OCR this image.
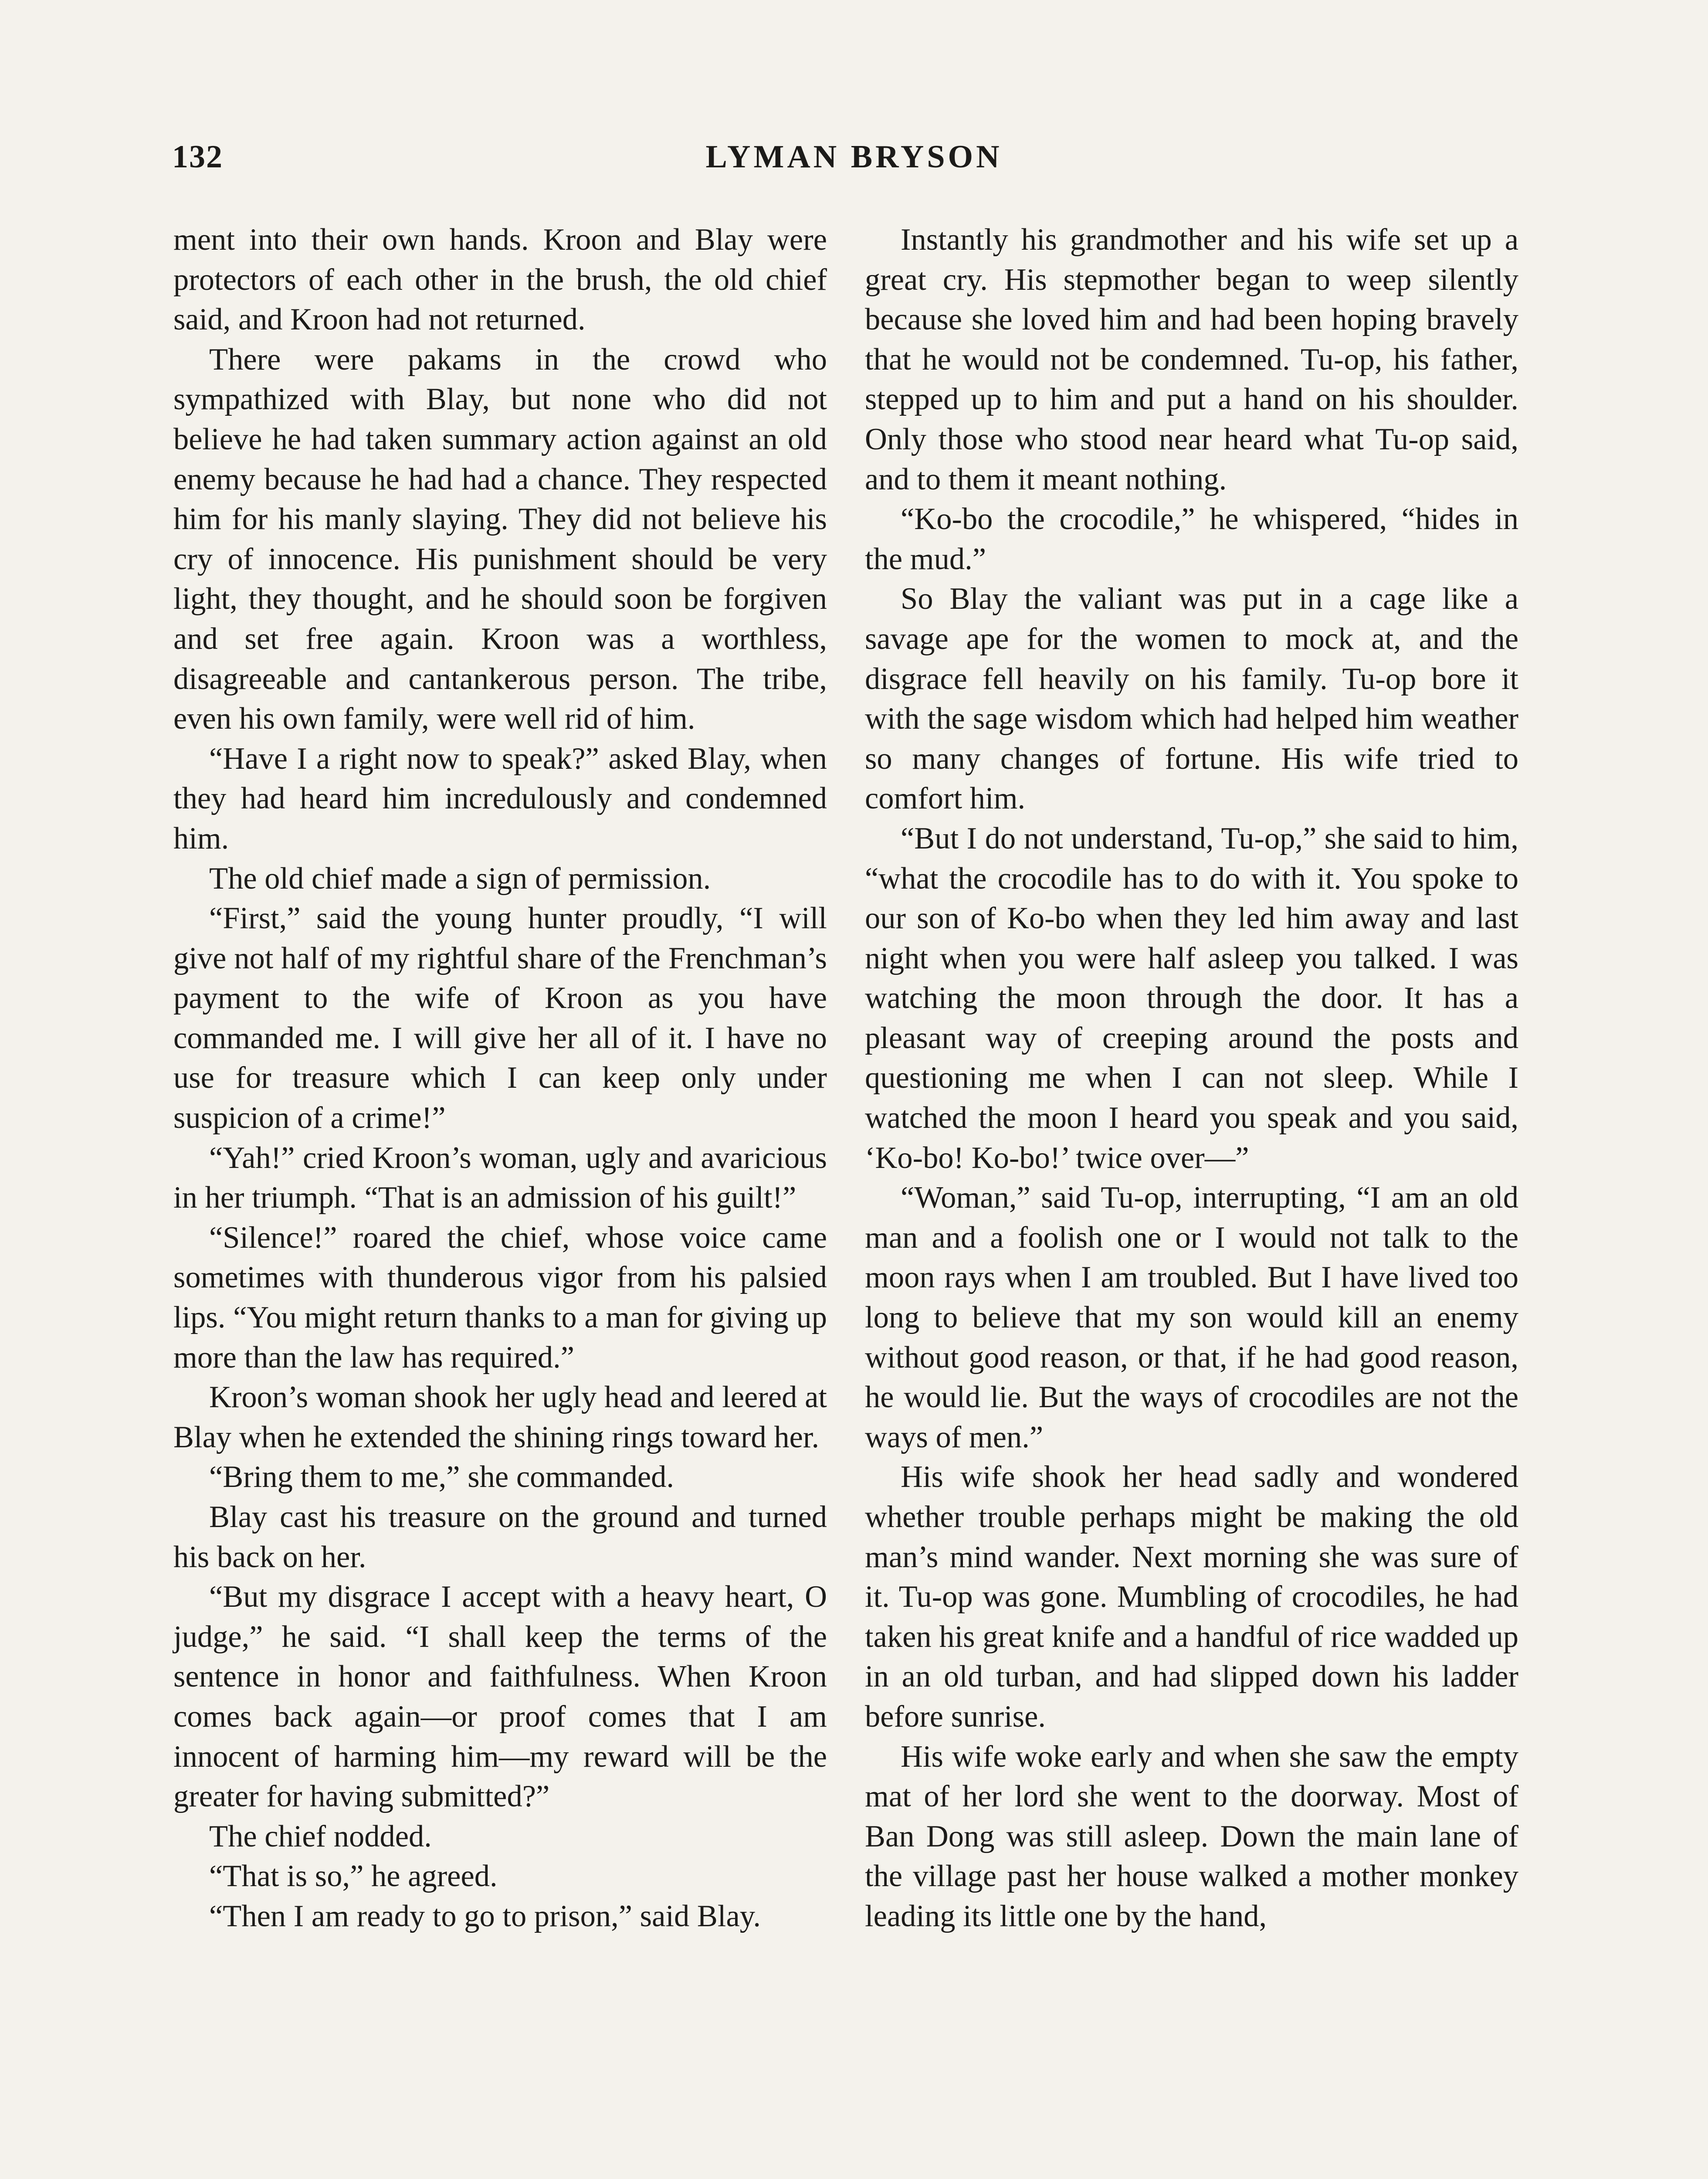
132	LYMAN BRYSON

ment into their own hands. Kroon and Blay were protectors of each other in the brush, the old chief said, and Kroon had not returned.

There were pakams in the crowd who sympathized with Blay, but none who did not believe he had taken summary action against an old enemy because he had had a chance. They respected him for his manly slaying. They did not believe his cry of innocence. His punishment should be very light, they thought, and he should soon be forgiven and set free again. Kroon was a worthless, disagreeable and cantankerous person. The tribe, even his own family, were well rid of him.

“Have I a right now to speak?” asked Blay, when they had heard him incredulously and condemned him.

The old chief made a sign of permission.

“First,” said the young hunter proudly, “I will give not half of my rightful share of the Frenchman’s payment to the wife of Kroon as you have commanded me. I will give her all of it. I have no use for treasure which I can keep only under suspicion of a crime!”

“Yah!” cried Kroon’s woman, ugly and avaricious in her triumph. “That is an admission of his guilt!”

“Silence!” roared the chief, whose voice came sometimes with thunderous vigor from his palsied lips. “You might return thanks to a man for giving up more than the law has required.”

Kroon’s woman shook her ugly head and leered at Blay when he extended the shining rings toward her.

“Bring them to me,” she commanded.

Blay cast his treasure on the ground and turned his back on her.

“But my disgrace I accept with a heavy heart, O judge,” he said. “I shall keep the terms of the sentence in honor and faithfulness. When Kroon comes back again—or proof comes that I am innocent of harming him—my reward will be the greater for having submitted?”

The chief nodded.

“That is so,” he agreed.

“Then I am ready to go to prison,” said Blay.

Instantly his grandmother and his wife set up a great cry. His stepmother began to weep silently because she loved him and had been hoping bravely that he would not be condemned. Tu-op, his father, stepped up to him and put a hand on his shoulder. Only those who stood near heard what Tu-op said, and to them it meant nothing.

“Ko-bo the crocodile,” he whispered, “hides in the mud.”

So Blay the valiant was put in a cage like a savage ape for the women to mock at, and the disgrace fell heavily on his family. Tu-op bore it with the sage wisdom which had helped him weather so many changes of fortune. His wife tried to comfort him.

“But I do not understand, Tu-op,” she said to him, “what the crocodile has to do with it. You spoke to our son of Ko-bo when they led him away and last night when you were half asleep you talked. I was watching the moon through the door. It has a pleasant way of creeping around the posts and questioning me when I can not sleep. While I watched the moon I heard you speak and you said, ‘Ko-bo! Ko-bo!’ twice over—”

“Woman,” said Tu-op, interrupting, “I am an old man and a foolish one or I would not talk to the moon rays when I am troubled. But I have lived too long to believe that my son would kill an enemy without good reason, or that, if he had good reason, he would lie. But the ways of crocodiles are not the ways of men.”

His wife shook her head sadly and wondered whether trouble perhaps might be making the old man’s mind wander. Next morning she was sure of it. Tu-op was gone. Mumbling of crocodiles, he had taken his great knife and a handful of rice wadded up in an old turban, and had slipped down his ladder before sunrise.

His wife woke early and when she saw the empty mat of her lord she went to the doorway. Most of Ban Dong was still asleep. Down the main lane of the village past her house walked a mother monkey leading its little one by the hand,
